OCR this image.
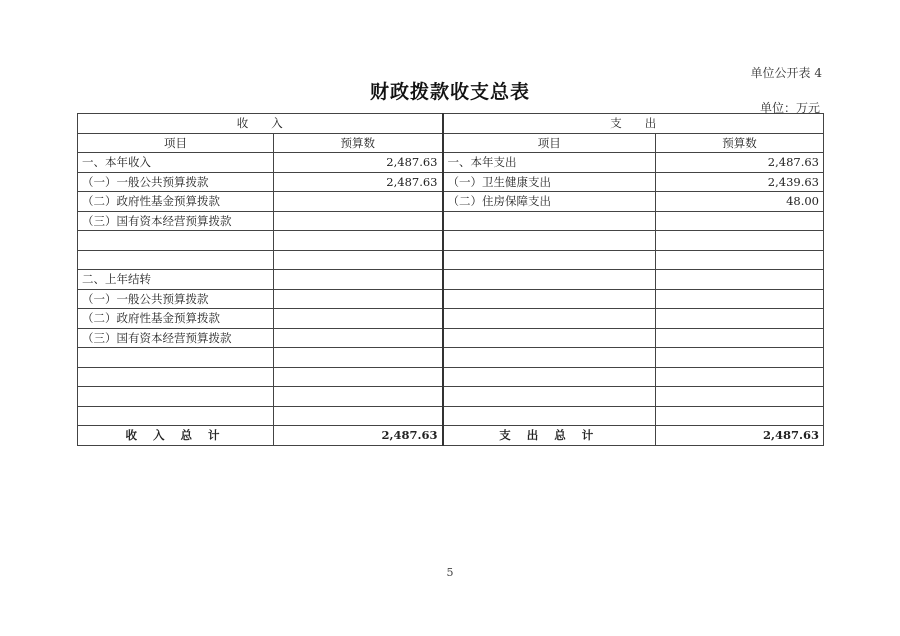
单位公开表 4
财政拨款收支总表
单位：万元
收　　入		支　　出	
项目	预算数	项目	预算数
一、本年收入	2,487.63	一、本年支出	2,487.63
（一）一般公共预算拨款	2,487.63	（一）卫生健康支出	2,439.63
（二）政府性基金预算拨款		（二）住房保障支出	48.00
（三）国有资本经营预算拨款			

二、上年结转			
（一）一般公共预算拨款			
（二）政府性基金预算拨款			
（三）国有资本经营预算拨款			

收 入 总 计	2,487.63	支 出 总 计	2,487.63
5
